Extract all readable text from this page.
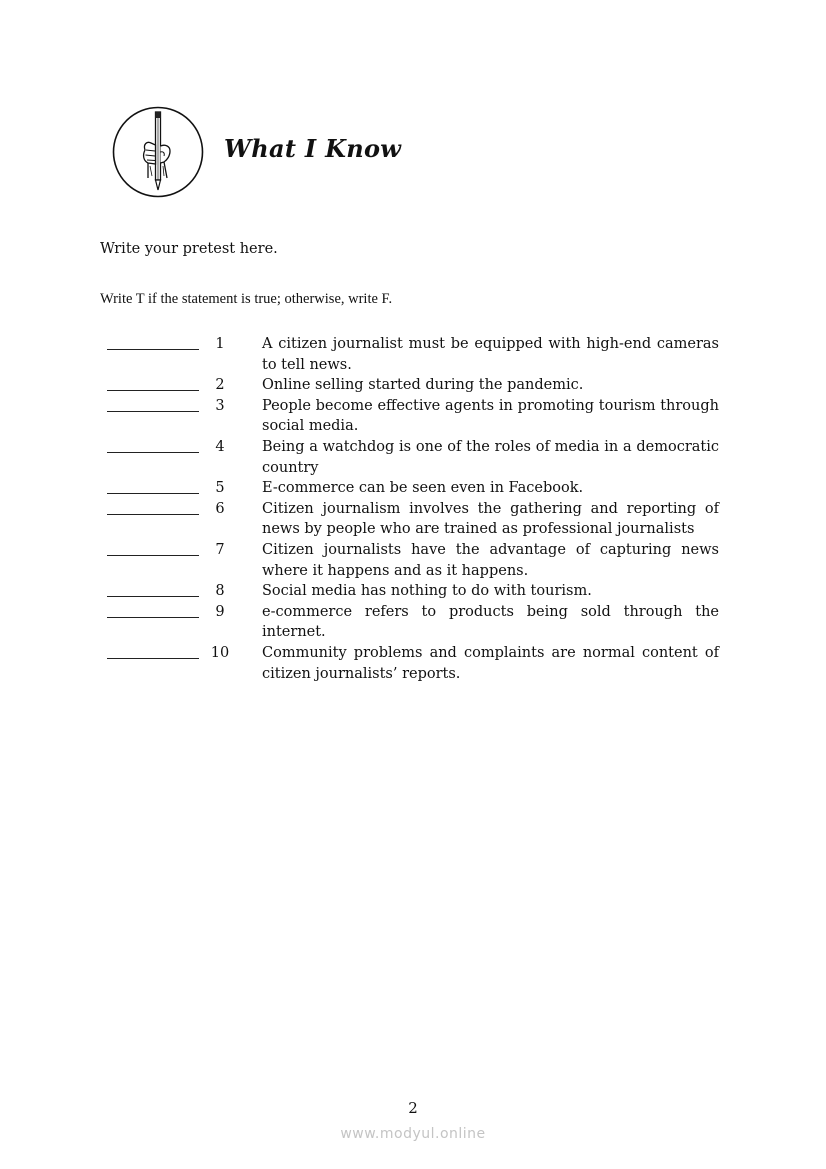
What I Know
Write your pretest here.
Write T if the statement is true; otherwise, write F.
1	A citizen journalist must be equipped with high-end cameras to tell news.
2	Online selling started during the pandemic.
3	People become effective agents in promoting tourism through social media.
4	Being a watchdog is one of the roles of media in a democratic country
5	E-commerce can be seen even in Facebook.
6	Citizen journalism involves the gathering and reporting of news by people who are trained as professional journalists
7	Citizen journalists have the advantage of capturing news where it happens and as it happens.
8	Social media has nothing to do with tourism.
9	e-commerce refers to products being sold through the internet.
10	Community problems and complaints are normal content of citizen journalists’ reports.
2
www.modyul.online
